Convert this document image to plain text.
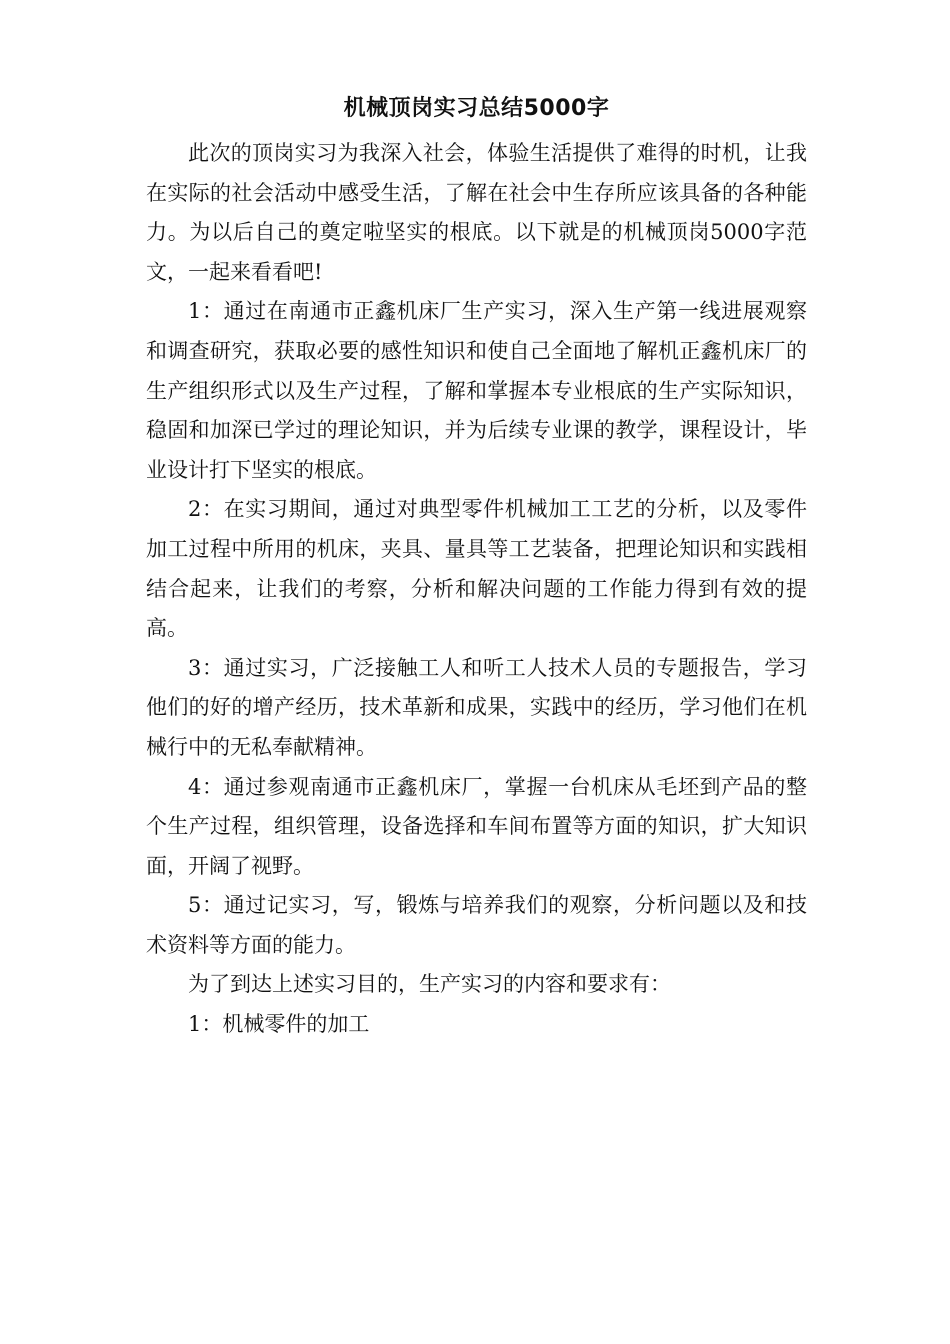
机械顶岗实习总结5000字

此次的顶岗实习为我深入社会，体验生活提供了难得的时机，让我在实际的社会活动中感受生活，了解在社会中生存所应该具备的各种能力。为以后自己的奠定啦坚实的根底。以下就是的机械顶岗5000字范文，一起来看看吧!

1：通过在南通市正鑫机床厂生产实习，深入生产第一线进展观察和调查研究，获取必要的感性知识和使自己全面地了解机正鑫机床厂的生产组织形式以及生产过程，了解和掌握本专业根底的生产实际知识，稳固和加深已学过的理论知识，并为后续专业课的教学，课程设计，毕业设计打下坚实的根底。

2：在实习期间，通过对典型零件机械加工工艺的分析，以及零件加工过程中所用的机床，夹具、量具等工艺装备，把理论知识和实践相结合起来，让我们的考察，分析和解决问题的工作能力得到有效的提高。

3：通过实习，广泛接触工人和听工人技术人员的专题报告，学习他们的好的增产经历，技术革新和成果，实践中的经历，学习他们在机械行中的无私奉献精神。

4：通过参观南通市正鑫机床厂，掌握一台机床从毛坯到产品的整个生产过程，组织管理，设备选择和车间布置等方面的知识，扩大知识面，开阔了视野。

5：通过记实习，写，锻炼与培养我们的观察，分析问题以及和技术资料等方面的能力。

为了到达上述实习目的，生产实习的内容和要求有：

1：机械零件的加工
